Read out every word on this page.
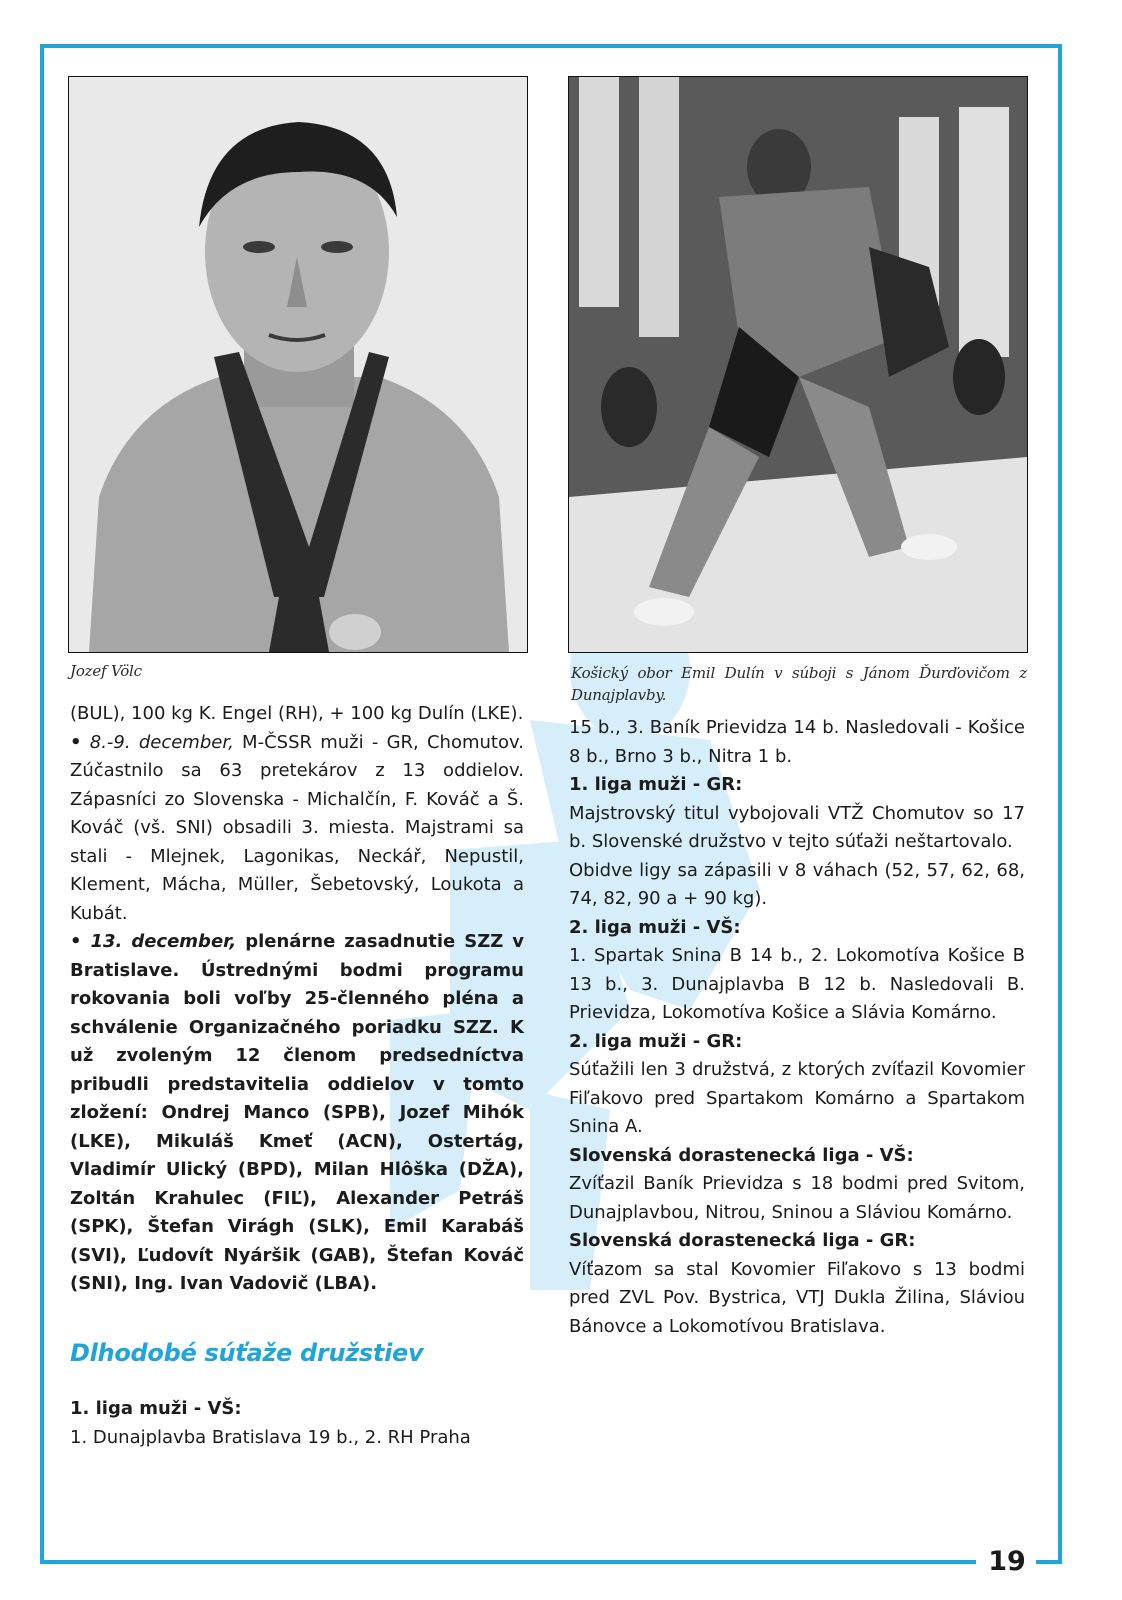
Jozef Völc	Košický obor Emil Dulín v súboji s Jánom Ďurďovičom z Dunajplavby.

(BUL), 100 kg K. Engel (RH), + 100 kg Dulín (LKE).

• 8.-9. december, M-ČSSR muži - GR, Chomutov. Zúčastnilo sa 63 pretekárov z 13 oddielov. Zápasníci zo Slovenska - Michalčín, F. Kováč a Š. Kováč (vš. SNI) obsadili 3. miesta. Majstrami sa stali - Mlejnek, Lagonikas, Neckář, Nepustil, Klement, Mácha, Müller, Šebetovský, Loukota a Kubát.

• 13. december, plenárne zasadnutie SZZ v Bratislave. Ústrednými bodmi programu rokovania boli voľby 25-členného pléna a schválenie Organizačného poriadku SZZ. K už zvoleným 12 členom predsedníctva pribudli predstavitelia oddielov v tomto zložení: Ondrej Manco (SPB), Jozef Mihók (LKE), Mikuláš Kmeť (ACN), Ostertág, Vladimír Ulický (BPD), Milan Hlôška (DŽA), Zoltán Krahulec (FIĽ), Alexander Petráš (SPK), Štefan Virágh (SLK), Emil Karabáš (SVI), Ľudovít Nyáršik (GAB), Štefan Kováč (SNI), Ing. Ivan Vadovič (LBA).

Dlhodobé súťaže družstiev

1. liga muži - VŠ:

1. Dunajplavba Bratislava 19 b., 2. RH Praha

15 b., 3. Baník Prievidza 14 b. Nasledovali - Košice 8 b., Brno 3 b., Nitra 1 b.

1. liga muži - GR:

Majstrovský titul vybojovali VTŽ Chomutov so 17 b. Slovenské družstvo v tejto súťaži neštartovalo.

Obidve ligy sa zápasili v 8 váhach (52, 57, 62, 68, 74, 82, 90 a + 90 kg).

2. liga muži - VŠ:

1. Spartak Snina B 14 b., 2. Lokomotíva Košice B 13 b., 3. Dunajplavba B 12 b. Nasledovali B. Prievidza, Lokomotíva Košice a Slávia Komárno.

2. liga muži - GR:

Súťažili len 3 družstvá, z ktorých zvíťazil Kovomier Fiľakovo pred Spartakom Komárno a Spartakom Snina A.

Slovenská dorastenecká liga - VŠ:

Zvíťazil Baník Prievidza s 18 bodmi pred Svitom, Dunajplavbou, Nitrou, Sninou a Sláviou Komárno.

Slovenská dorastenecká liga - GR:

Víťazom sa stal Kovomier Fiľakovo s 13 bodmi pred ZVL Pov. Bystrica, VTJ Dukla Žilina, Sláviou Bánovce a Lokomotívou Bratislava.

19
